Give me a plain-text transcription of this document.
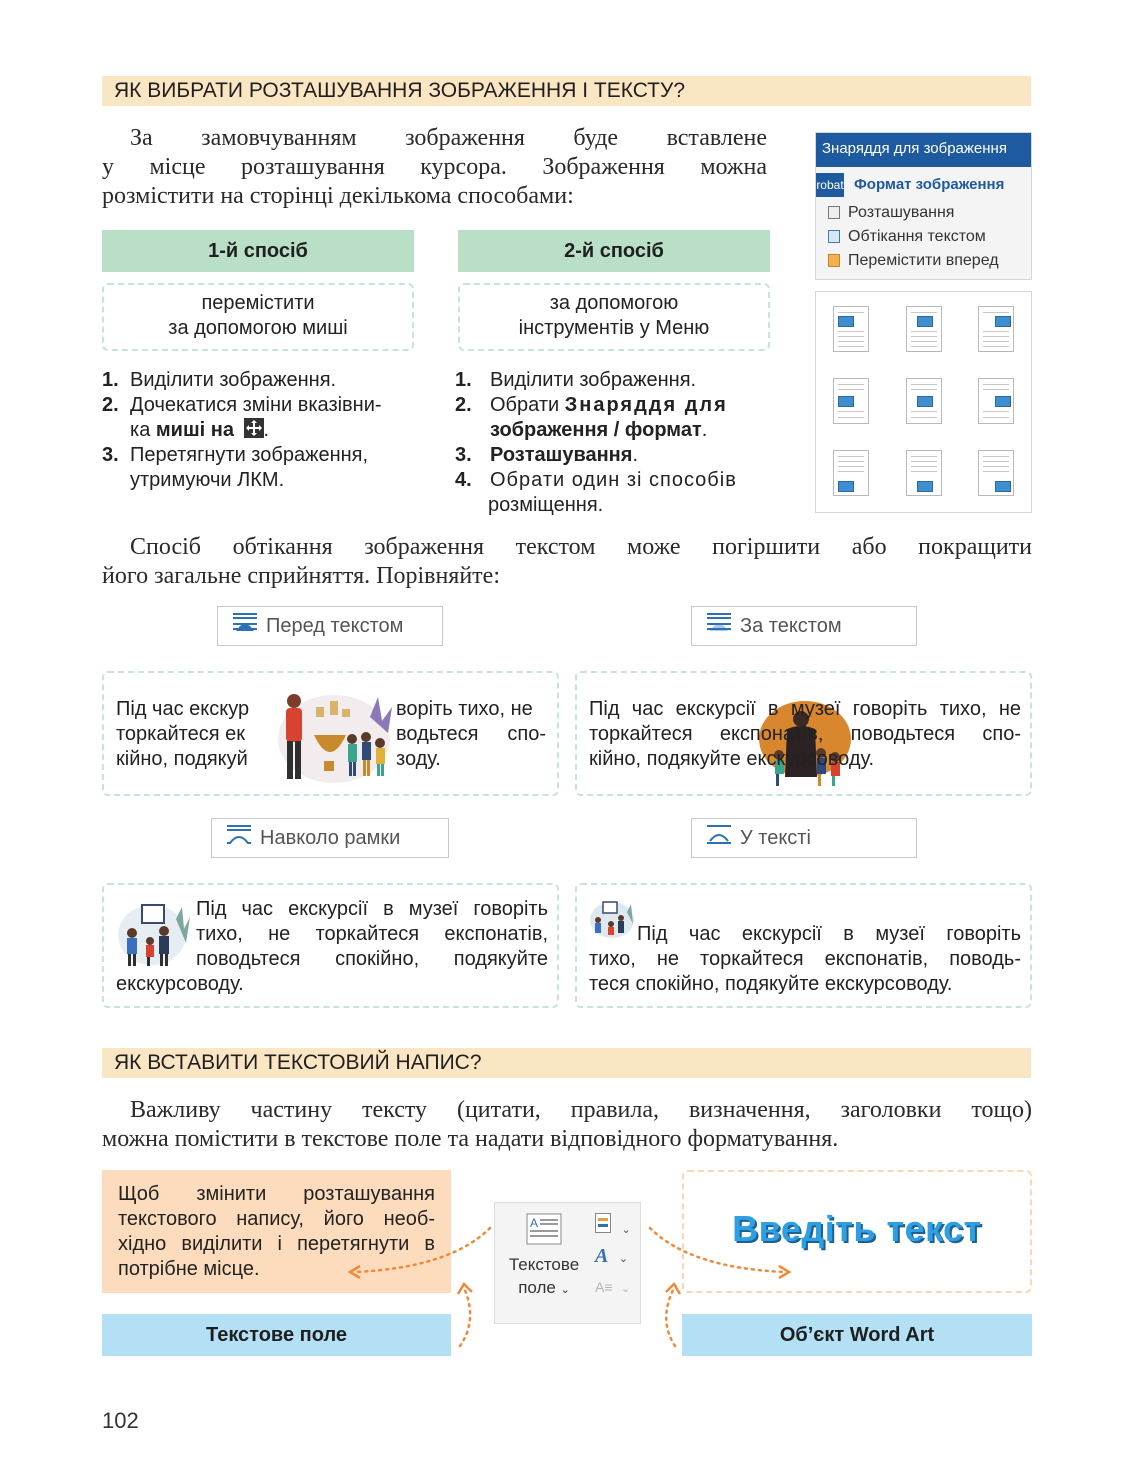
ЯК ВИБРАТИ РОЗТАШУВАННЯ ЗОБРАЖЕННЯ І ТЕКСТУ?
За замовчуванням зображення буде вставлене
у місце розташування курсора. Зображення можна
розмістити на сторінці декількома способами:
1-й спосіб
перемістити
за допомогою миші
1. Виділити зображення.
2. Дочекатися зміни вказівни-
ка миші на .
3. Перетягнути зображення,
утримуючи ЛКМ.
2-й спосіб
за допомогою
інструментів у Меню
1. Виділити зображення.
2. Обрати Знаряддя для
зображення / формат.
3. Розташування.
4. Обрати один зі способів
розміщення.
Знаряддя для зображення
robat Формат зображення
Розташування
Обтікання текстом
Перемістити вперед
Спосіб обтікання зображення текстом може погіршити або покращити
його загальне сприйняття. Порівняйте:
Перед текстом	За текстом
Під час екскур	воріть тихо, не
торкайтеся ек	водьтеся спо-
кійно, подякуй	зоду.
Під час екскурсії в музеї говоріть тихо, не
торкайтеся експонатів, поводьтеся спо-
кійно, подякуйте екскурсоводу.
Навколо рамки	У тексті
Під час екскурсії в музеї говоріть
тихо, не торкайтеся експонатів,
поводьтеся спокійно, подякуйте
екскурсоводу.
Під час екскурсії в музеї говоріть
тихо, не торкайтеся експонатів, поводь-
теся спокійно, подякуйте екскурсоводу.
ЯК ВСТАВИТИ ТЕКСТОВИЙ НАПИС?
Важливу частину тексту (цитати, правила, визначення, заголовки тощо)
можна помістити в текстове поле та надати відповідного форматування.
Щоб змінити розташування
текстового напису, його необ-
хідно виділити і перетягнути в
потрібне місце.
A
Текстове
поле ⌄
⌄
A ⌄
A≡ ⌄
Введіть текст
Текстове поле	Об’єкт Word Art
102
